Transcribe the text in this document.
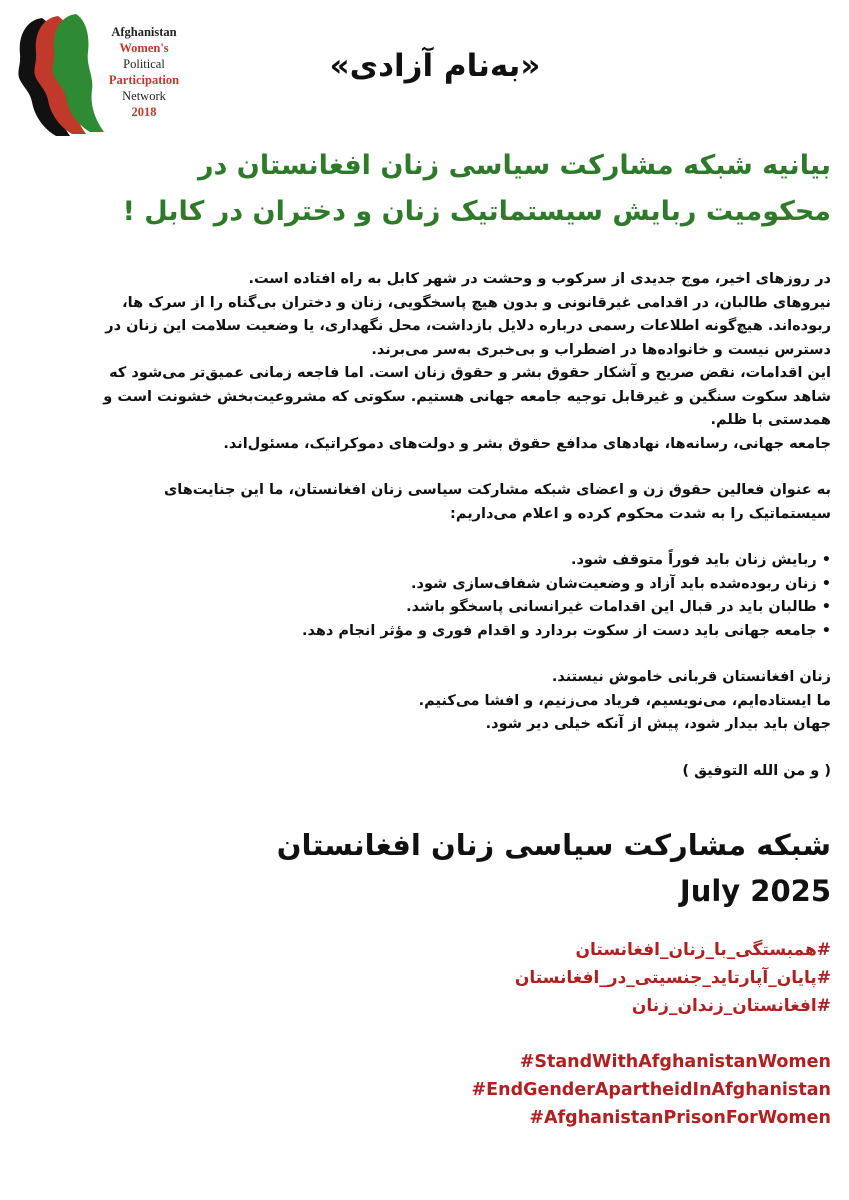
Afghanistan
Women's
Political
Participation
Network
2018
«به‌نام آزادی»
بیانیه شبکه مشارکت سیاسی زنان افغانستان در
محکومیت ربایش سیستماتیک زنان و دختران در کابل !

در روزهای اخیر، موج جدیدی از سرکوب و وحشت در شهر کابل به راه افتاده است.

نیروهای طالبان، در اقدامی غیرقانونی و بدون هیچ پاسخگویی، زنان و دختران بی‌گناه را از سرک ها،

ربوده‌اند. هیچ‌گونه اطلاعات رسمی درباره دلایل بازداشت، محل نگهداری، یا وضعیت سلامت این زنان در

دسترس نیست و خانواده‌ها در اضطراب و بی‌خبری به‌سر می‌برند.

این اقدامات، نقض صریح و آشکار حقوق بشر و حقوق زنان است. اما فاجعه زمانی عمیق‌تر می‌شود که

شاهد سکوت سنگین و غیرقابل توجیه جامعه جهانی هستیم. سکوتی که مشروعیت‌بخش خشونت است و

همدستی با ظلم.

جامعه جهانی، رسانه‌ها، نهادهای مدافع حقوق بشر و دولت‌های دموکراتیک، مسئول‌اند.

به عنوان فعالین حقوق زن و اعضای شبکه مشارکت سیاسی زنان افغانستان، ما این جنایت‌های

سیستماتیک را به شدت محکوم کرده و اعلام می‌داریم:

• ربایش زنان باید فوراً متوقف شود.
• زنان ربوده‌شده باید آزاد و وضعیت‌شان شفاف‌سازی شود.
• طالبان باید در قبال این اقدامات غیرانسانی پاسخگو باشد.
• جامعه جهانی باید دست از سکوت بردارد و اقدام فوری و مؤثر انجام دهد.

زنان افغانستان قربانی خاموش نیستند.

ما ایستاده‌ایم، می‌نویسیم، فریاد می‌زنیم، و افشا می‌کنیم.

جهان باید بیدار شود، پیش از آنکه خیلی دیر شود.

( و من الله التوفیق )

شبکه مشارکت سیاسی زنان افغانستان
July 2025
#همبستگی_با_زنان_افغانستان
#پایان_آپارتاید_جنسیتی_در_افغانستان
#افغانستان_زندان_زنان
StandWithAfghanistanWomen#
EndGenderApartheidInAfghanistan#
AfghanistanPrisonForWomen#
